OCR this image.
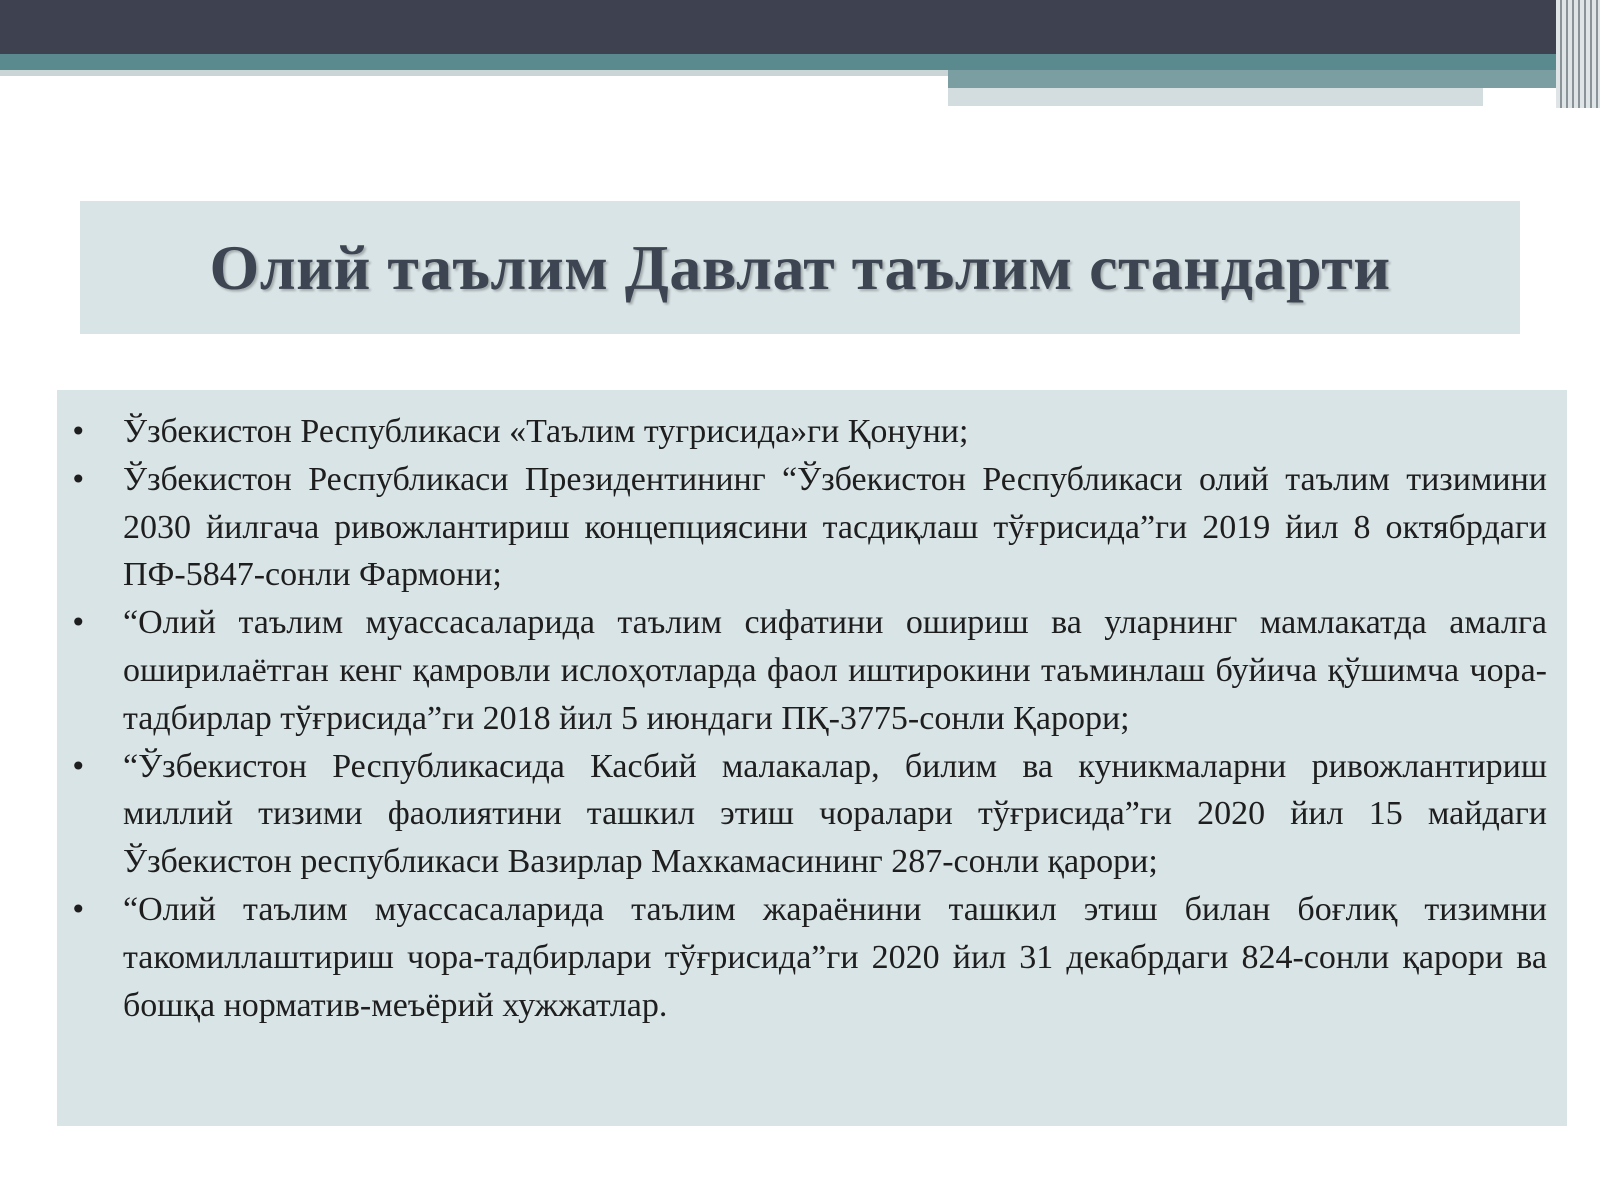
Олий таълим Давлат таълим стандарти
• Ўзбекистон Республикаси «Таълим тугрисида»ги Қонуни;
• Ўзбекистон Республикаси Президентининг “Ўзбекистон Республикаси олий таълим тизимини 2030 йилгача ривожлантириш концепциясини тасдиқлаш тўғрисида”ги 2019 йил 8 октябрдаги ПФ-5847-сонли Фармони;
• “Олий таълим муассасаларида таълим сифатини ошириш ва уларнинг мамлакатда амалга оширилаётган кенг қамровли ислоҳотларда фаол иштирокини таъминлаш буйича қўшимча чора-тадбирлар тўғрисида”ги 2018 йил 5 июндаги ПҚ-3775-сонли Қарори;
• “Ўзбекистон Республикасида Касбий малакалар, билим ва куникмаларни ривожлантириш миллий тизими фаолиятини ташкил этиш чоралари тўғрисида”ги 2020 йил 15 майдаги Ўзбекистон республикаси Вазирлар Махкамасининг 287-сонли қарори;
• “Олий таълим муассасаларида таълим жараёнини ташкил этиш билан боғлиқ тизимни такомиллаштириш чора-тадбирлари тўғрисида”ги 2020 йил 31 декабрдаги 824-сонли қарори ва бошқа норматив-меъёрий хужжатлар.
